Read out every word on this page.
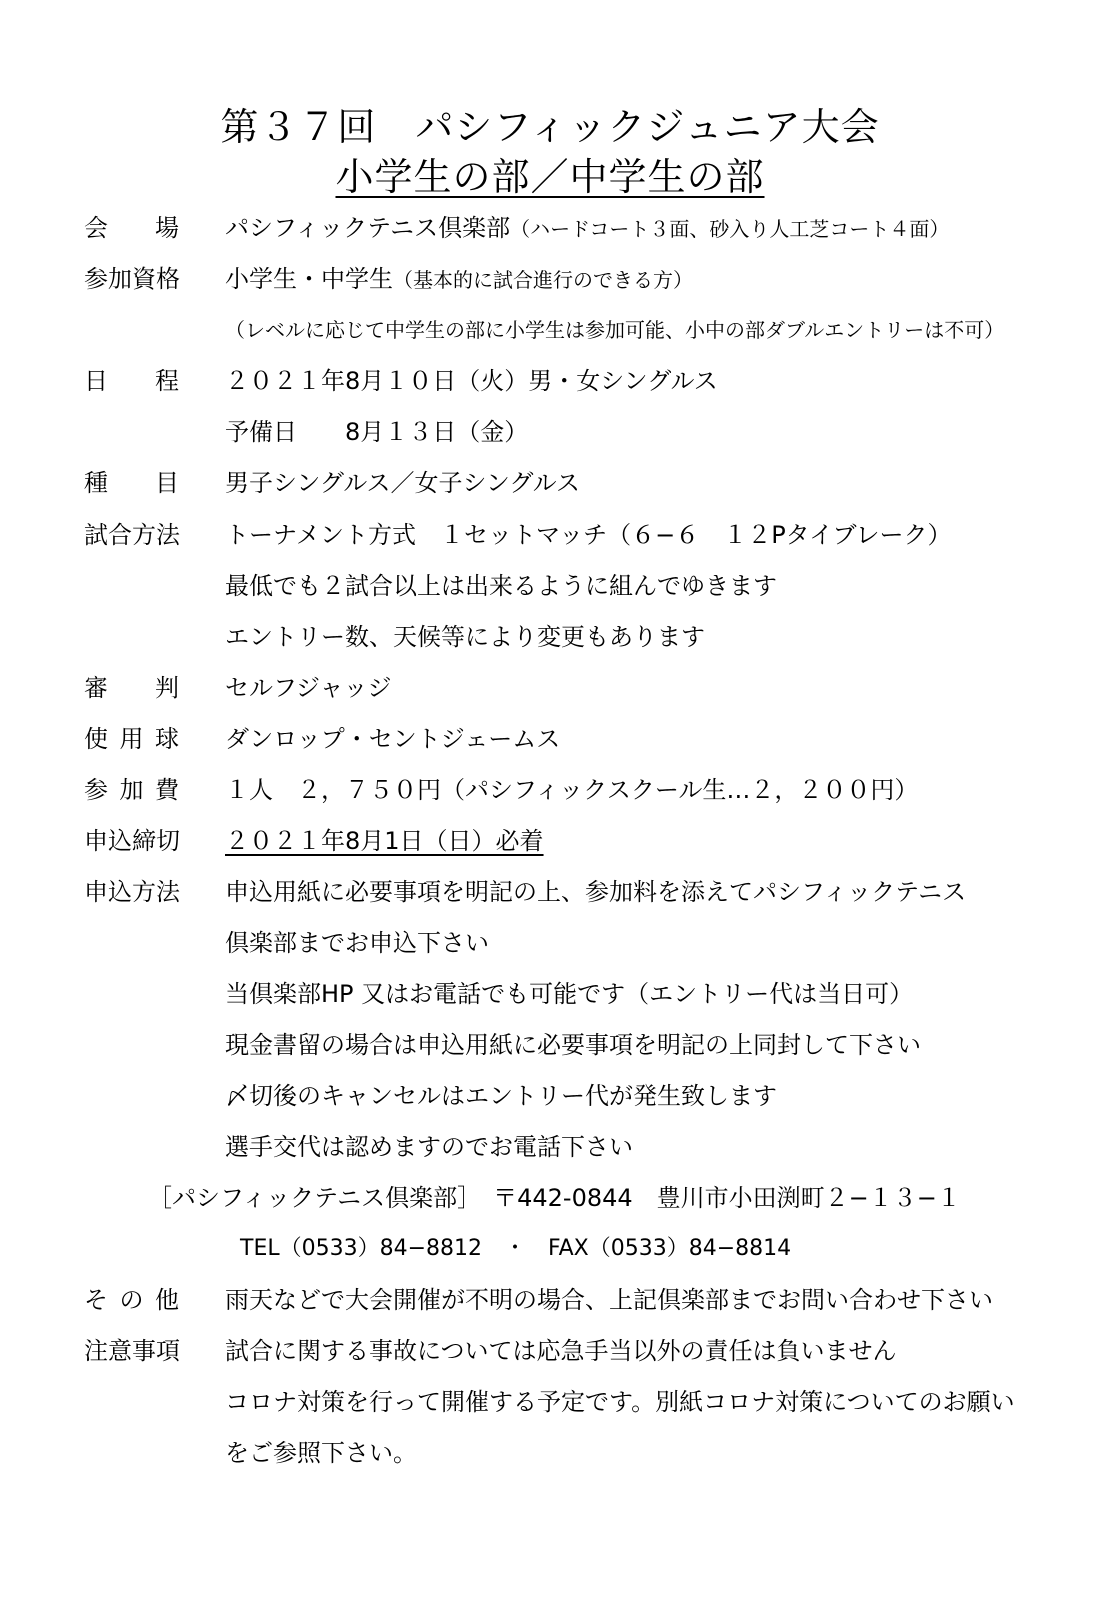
第３７回　パシフィックジュニア大会
小学生の部／中学生の部
会 場 パシフィックテニス倶楽部（ハードコート３面、砂入り人工芝コート４面）
参加資格 小学生・中学生（基本的に試合進行のできる方）
（レベルに応じて中学生の部に小学生は参加可能、小中の部ダブルエントリーは不可）
日 程 ２０２１年8月１０日（火）男・女シングルス
予備日　　8月１３日（金）
種 目 男子シングルス／女子シングルス
試合方法 トーナメント方式　１セットマッチ（６−６　１２Pタイブレーク）
最低でも２試合以上は出来るように組んでゆきます
エントリー数、天候等により変更もあります
審 判 セルフジャッジ
使 用 球 ダンロップ・セントジェームス
参 加 費 １人　２，７５０円（パシフィックスクール生…２，２００円）
申込締切 ２０２１年8月1日（日）必着
申込方法 申込用紙に必要事項を明記の上、参加料を添えてパシフィックテニス
倶楽部までお申込下さい
当倶楽部HP 又はお電話でも可能です（エントリー代は当日可）
現金書留の場合は申込用紙に必要事項を明記の上同封して下さい
〆切後のキャンセルはエントリー代が発生致します
選手交代は認めますのでお電話下さい
［パシフィックテニス倶楽部］　〒442-0844　豊川市小田渕町２−１３−１
TEL（0533）84−8812　・　FAX（0533）84−8814
そ の 他 雨天などで大会開催が不明の場合、上記倶楽部までお問い合わせ下さい
注意事項 試合に関する事故については応急手当以外の責任は負いません
コロナ対策を行って開催する予定です。別紙コロナ対策についてのお願い
をご参照下さい。
